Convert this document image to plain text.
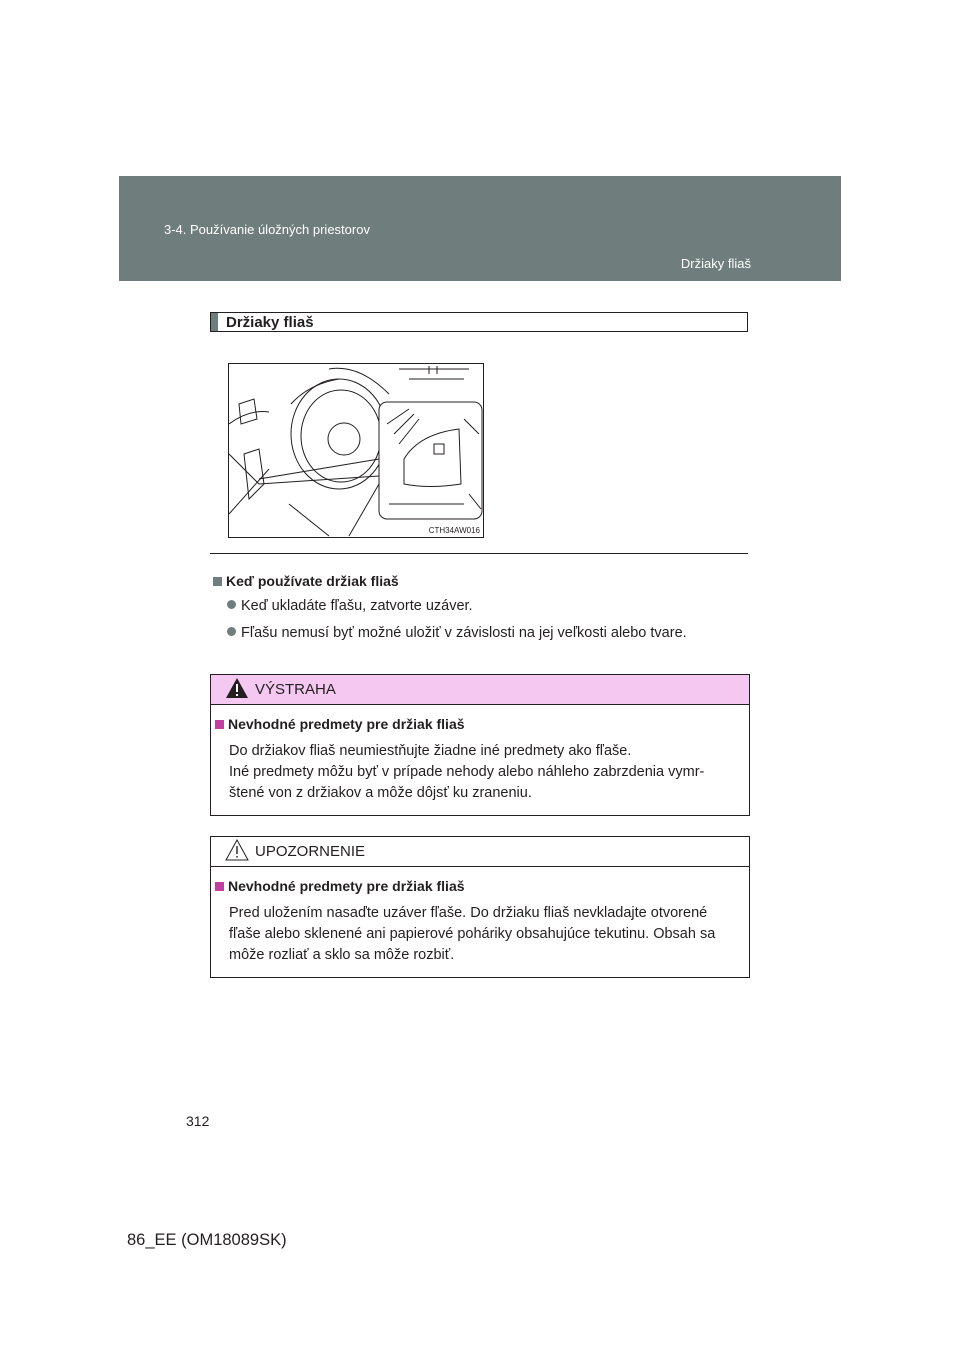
3-4. Používanie úložných priestorov
Držiaky fliaš
Držiaky fliaš
CTH34AW016
Keď používate držiak fliaš
Keď ukladáte fľašu, zatvorte uzáver.
Fľašu nemusí byť možné uložiť v závislosti na jej veľkosti alebo tvare.
VÝSTRAHA
Nevhodné predmety pre držiak fliaš
Do držiakov fliaš neumiestňujte žiadne iné predmety ako fľaše.
Iné predmety môžu byť v prípade nehody alebo náhleho zabrzdenia vymr-
štené von z držiakov a môže dôjsť ku zraneniu.
UPOZORNENIE
Nevhodné predmety pre držiak fliaš
Pred uložením nasaďte uzáver fľaše. Do držiaku fliaš nevkladajte otvorené
fľaše alebo sklenené ani papierové poháriky obsahujúce tekutinu. Obsah sa
môže rozliať a sklo sa môže rozbiť.
312
86_EE (OM18089SK)
